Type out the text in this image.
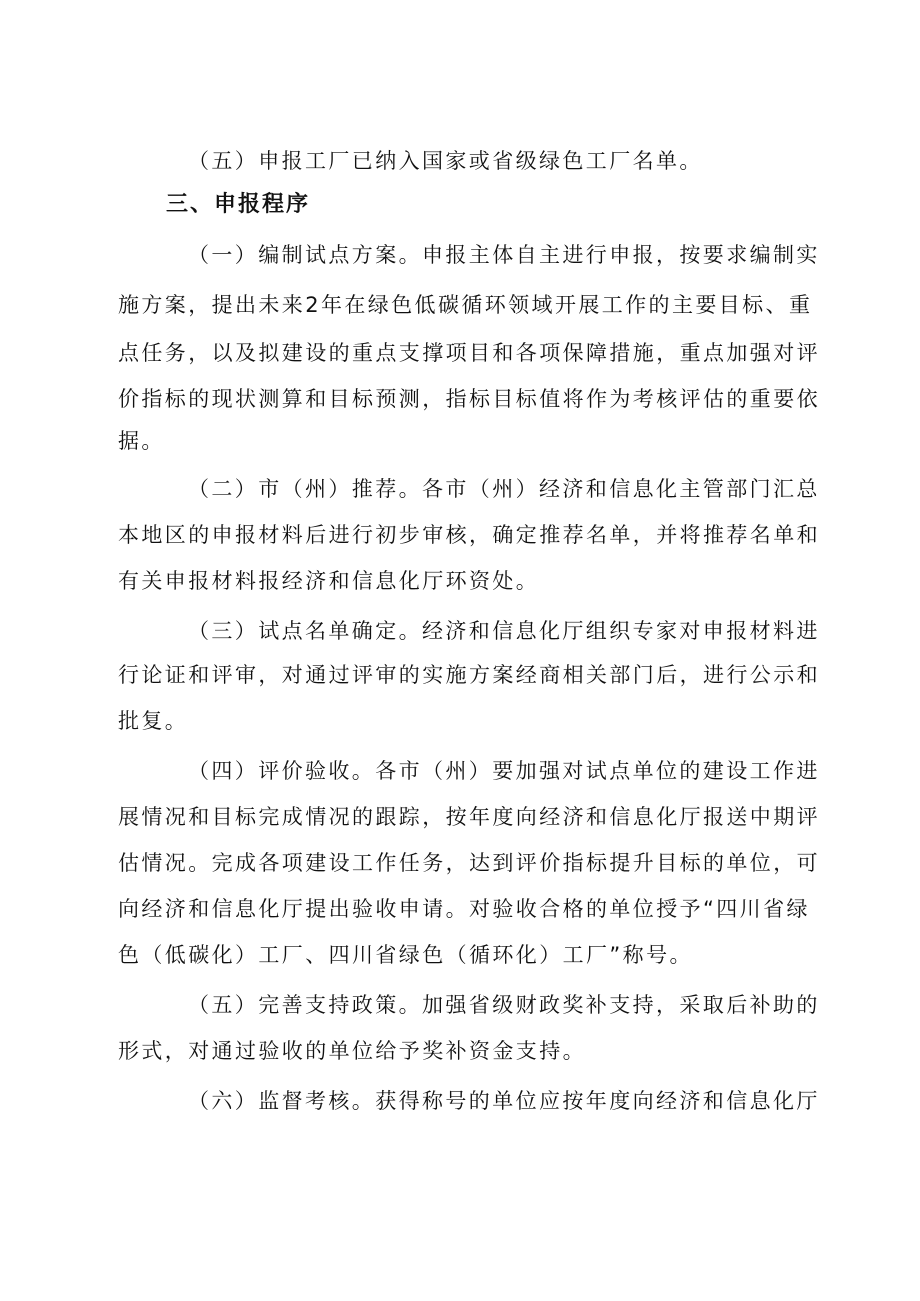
（五）申报工厂已纳入国家或省级绿色工厂名单。
三、申报程序
（一）编制试点方案。申报主体自主进行申报，按要求编制实
施方案，提出未来2年在绿色低碳循环领域开展工作的主要目标、重
点任务，以及拟建设的重点支撑项目和各项保障措施，重点加强对评
价指标的现状测算和目标预测，指标目标值将作为考核评估的重要依
据。
（二）市（州）推荐。各市（州）经济和信息化主管部门汇总
本地区的申报材料后进行初步审核，确定推荐名单，并将推荐名单和
有关申报材料报经济和信息化厅环资处。
（三）试点名单确定。经济和信息化厅组织专家对申报材料进
行论证和评审，对通过评审的实施方案经商相关部门后，进行公示和
批复。
（四）评价验收。各市（州）要加强对试点单位的建设工作进
展情况和目标完成情况的跟踪，按年度向经济和信息化厅报送中期评
估情况。完成各项建设工作任务，达到评价指标提升目标的单位，可
向经济和信息化厅提出验收申请。对验收合格的单位授予“四川省绿
色（低碳化）工厂、四川省绿色（循环化）工厂”称号。
（五）完善支持政策。加强省级财政奖补支持，采取后补助的
形式，对通过验收的单位给予奖补资金支持。
（六）监督考核。获得称号的单位应按年度向经济和信息化厅
